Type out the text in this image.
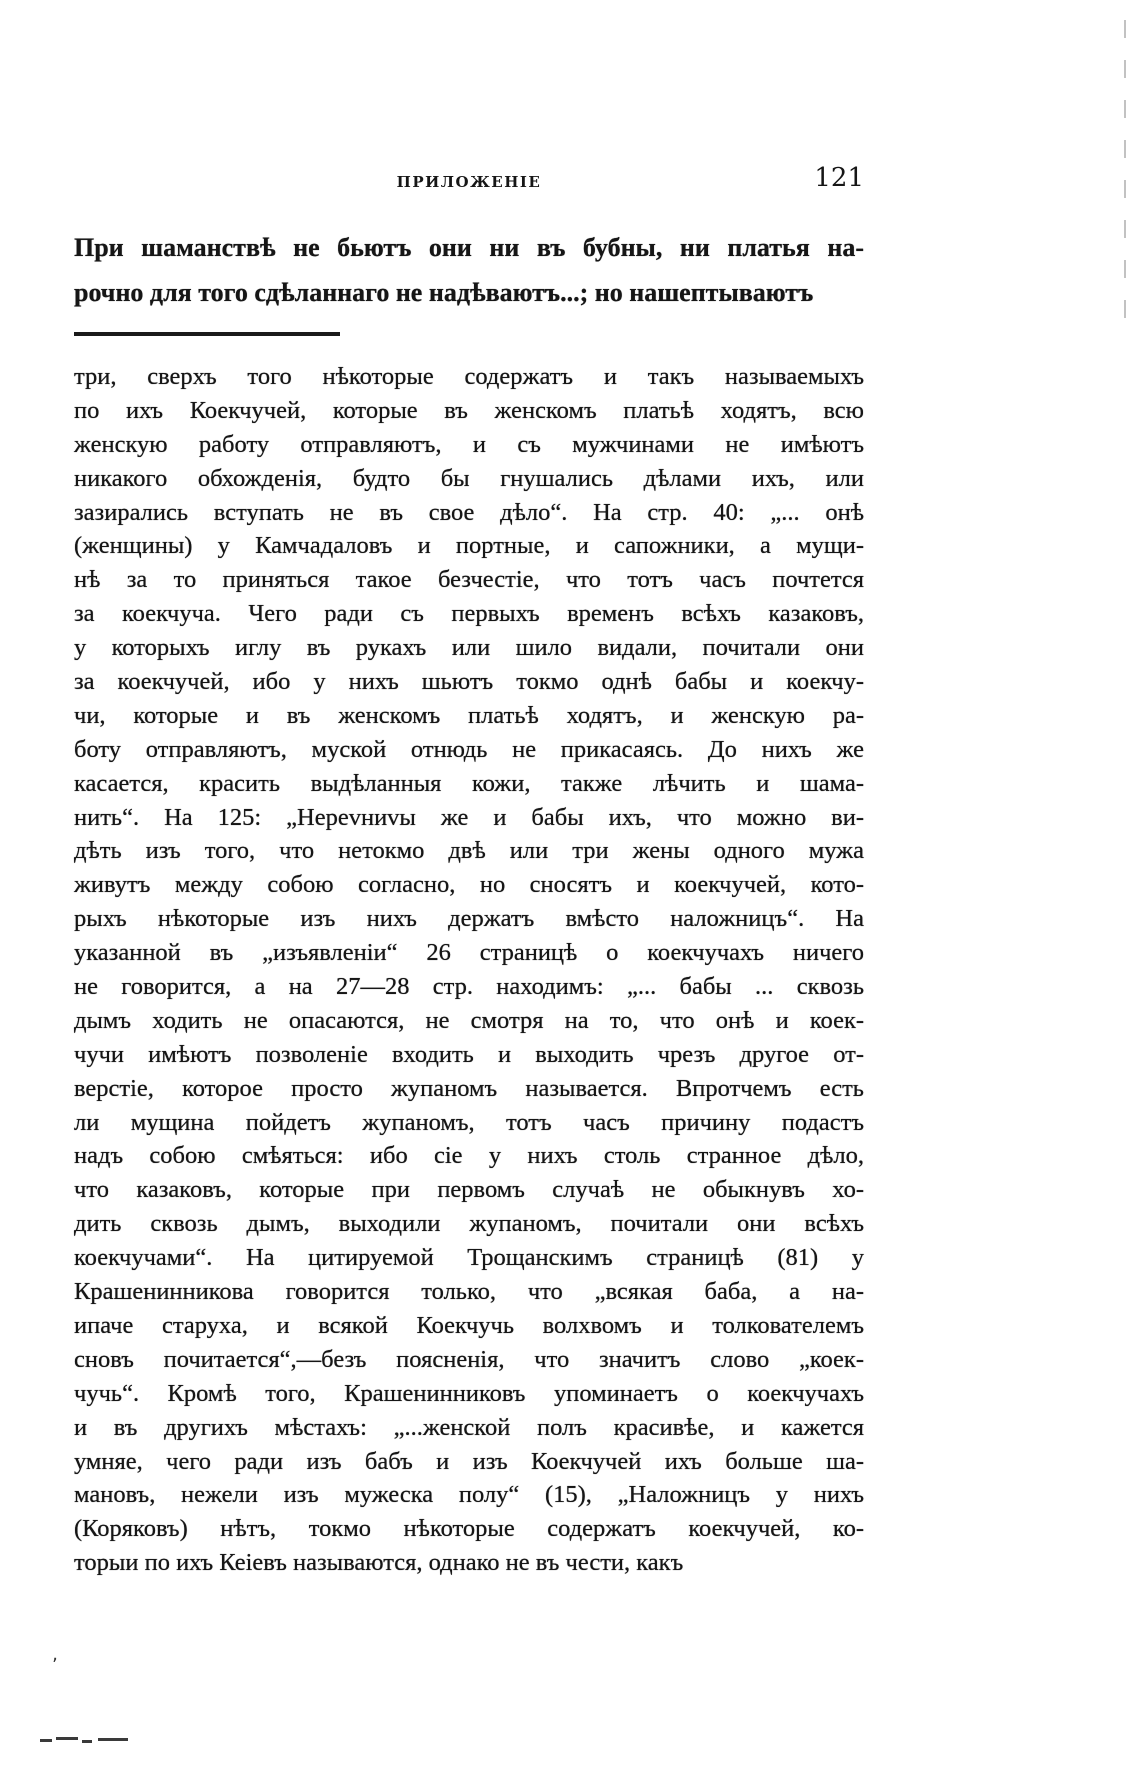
ПРИЛОЖЕНІЕ	121
При шаманствѣ не бьютъ они ни въ бубны, ни платья на-
рочно для того сдѣланнаго не надѣваютъ...; но нашептываютъ
три, сверхъ того нѣкоторые содержатъ и такъ называемыхъ
по ихъ Коекчучей, которые въ женскомъ платьѣ ходятъ, всю
женскую работу отправляютъ, и съ мужчинами не имѣютъ
никакого обхожденія, будто бы гнушались дѣлами ихъ, или
зазирались вступать не въ свое дѣло“. На стр. 40: „... онѣ
(женщины) у Камчадаловъ и портные, и сапожники, а мущи-
нѣ за то приняться такое безчестіе, что тотъ часъ почтется
за коекчуча. Чего ради съ первыхъ временъ всѣхъ казаковъ,
у которыхъ иглу въ рукахъ или шило видали, почитали они
за коекчучей, ибо у нихъ шьютъ токмо однѣ бабы и коекчу-
чи, которые и въ женскомъ платьѣ ходятъ, и женскую ра-
боту отправляютъ, муской отнюдь не прикасаясь. До нихъ же
касается, красить выдѣланныя кожи, также лѣчить и шама-
нить“. На 125: „Нерevниvы же и бабы ихъ, что можно ви-
дѣть изъ того, что нетокмо двѣ или три жены одного мужа
живутъ между собою согласно, но сносятъ и коекчучей, кото-
рыхъ нѣкоторые изъ нихъ держатъ вмѣсто наложницъ“. На
указанной въ „изъявленіи“ 26 страницѣ о коекчучахъ ничего
не говорится, а на 27—28 стр. находимъ: „... бабы ... сквозь
дымъ ходить не опасаются, не смотря на то, что онѣ и коек-
чучи имѣютъ позволеніе входить и выходить чрезъ другое от-
верстіе, которое просто жупаномъ называется. Впротчемъ есть
ли мущина пойдетъ жупаномъ, тотъ часъ причину подастъ
надъ собою смѣяться: ибо сіе у нихъ столь странное дѣло,
что казаковъ, которые при первомъ случаѣ не обыкнувъ хо-
дить сквозь дымъ, выходили жупаномъ, почитали они всѣхъ
коекчучами“. На цитируемой Трощанскимъ страницѣ (81) у
Крашенинникова говорится только, что „всякая баба, а на-
ипаче старуха, и всякой Коекчучь волхвомъ и толкователемъ
сновъ почитается“,—безъ поясненія, что значитъ слово „коек-
чучь“. Кромѣ того, Крашенинниковъ упоминаетъ о коекчучахъ
и въ другихъ мѣстахъ: „...женской полъ красивѣе, и кажется
умняе, чего ради изъ бабъ и изъ Коекчучей ихъ больше ша-
мановъ, нежели изъ мужеска полу“ (15), „Наложницъ у нихъ
(Коряковъ) нѣтъ, токмо нѣкоторые содержатъ коекчучей, ко-
торыи по ихъ Кеіевъ называются, однако не въ чести, какъ
‚
